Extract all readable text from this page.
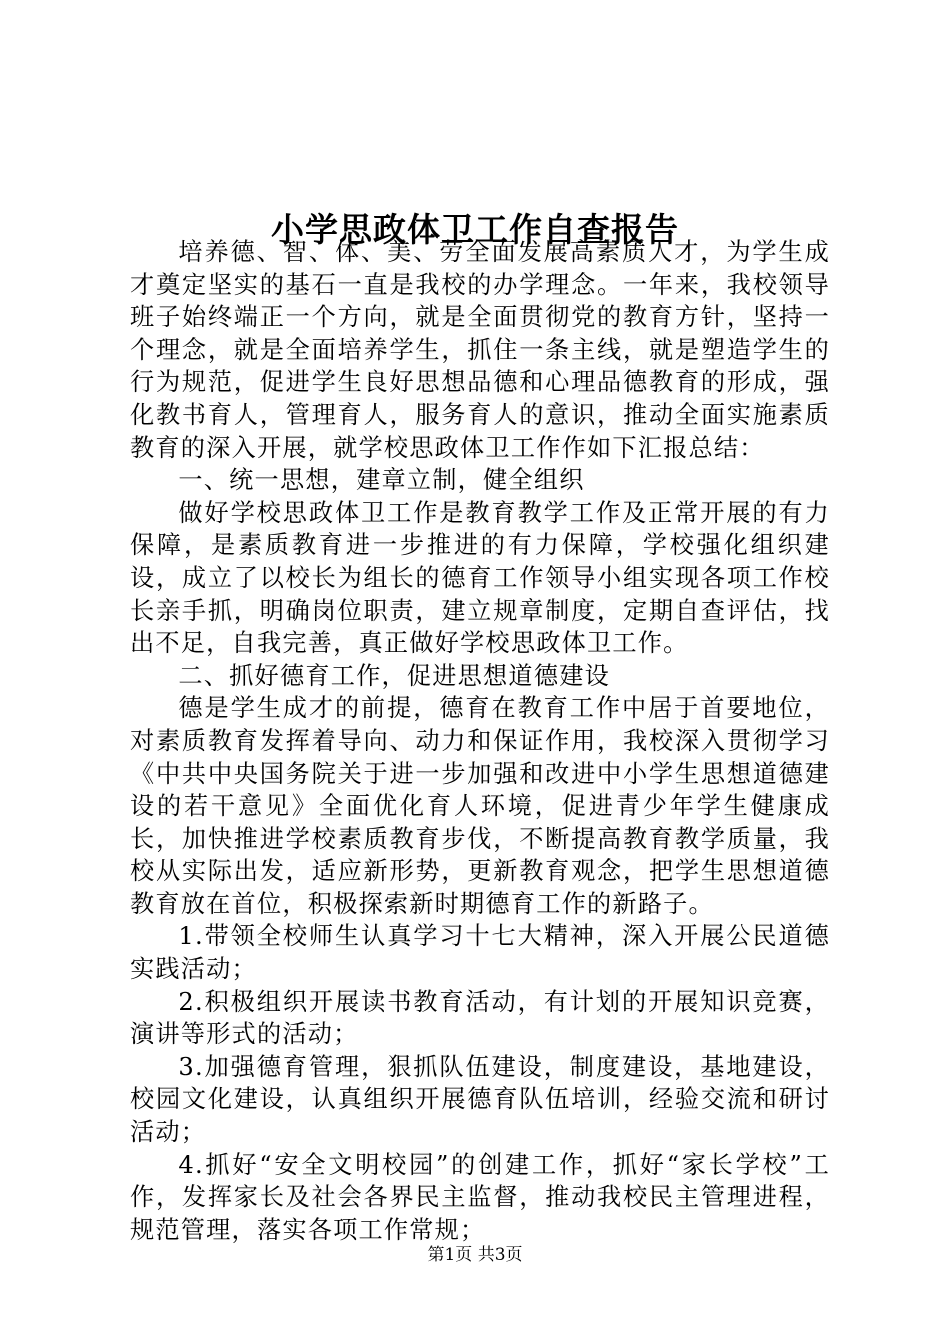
小学思政体卫工作自查报告

培养德、智、体、美、劳全面发展高素质人才，为学生成才奠定坚实的基石一直是我校的办学理念。一年来，我校领导班子始终端正一个方向，就是全面贯彻党的教育方针，坚持一个理念，就是全面培养学生，抓住一条主线，就是塑造学生的行为规范，促进学生良好思想品德和心理品德教育的形成，强化教书育人，管理育人，服务育人的意识，推动全面实施素质教育的深入开展，就学校思政体卫工作作如下汇报总结：

一、统一思想，建章立制，健全组织

做好学校思政体卫工作是教育教学工作及正常开展的有力保障，是素质教育进一步推进的有力保障，学校强化组织建设，成立了以校长为组长的德育工作领导小组实现各项工作校长亲手抓，明确岗位职责，建立规章制度，定期自查评估，找出不足，自我完善，真正做好学校思政体卫工作。

二、抓好德育工作，促进思想道德建设

德是学生成才的前提，德育在教育工作中居于首要地位，对素质教育发挥着导向、动力和保证作用，我校深入贯彻学习《中共中央国务院关于进一步加强和改进中小学生思想道德建设的若干意见》全面优化育人环境，促进青少年学生健康成长，加快推进学校素质教育步伐，不断提高教育教学质量，我校从实际出发，适应新形势，更新教育观念，把学生思想道德教育放在首位，积极探索新时期德育工作的新路子。

1.带领全校师生认真学习十七大精神，深入开展公民道德实践活动；

2.积极组织开展读书教育活动，有计划的开展知识竞赛，演讲等形式的活动；

3.加强德育管理，狠抓队伍建设，制度建设，基地建设，校园文化建设，认真组织开展德育队伍培训，经验交流和研讨活动；

4.抓好“安全文明校园”的创建工作，抓好“家长学校”工作，发挥家长及社会各界民主监督，推动我校民主管理进程，规范管理，落实各项工作常规；

第1页 共3页
